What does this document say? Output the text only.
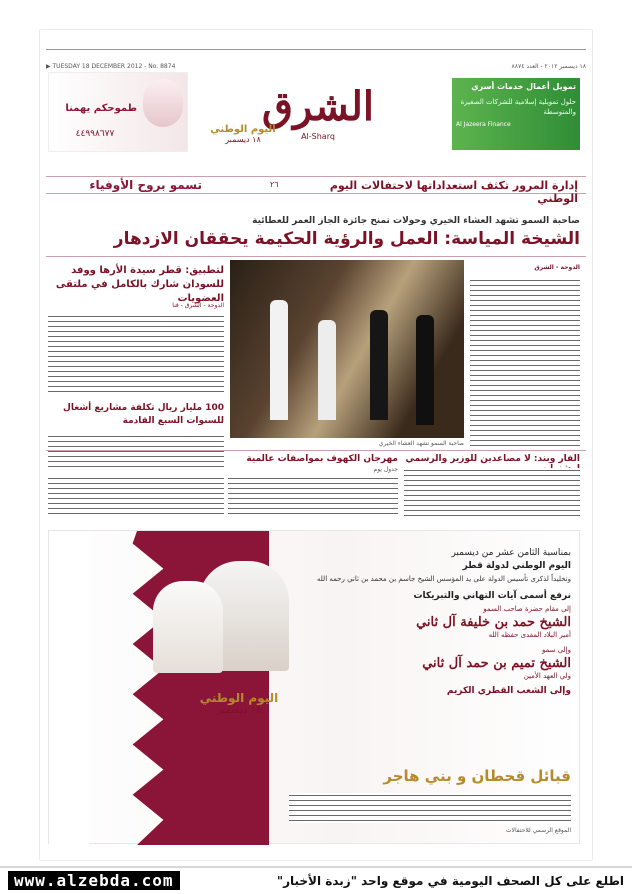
▶ TUESDAY 18 DECEMBER 2012 - No. 8874	١٨ ديسمبر ٢٠١٢ - العدد ٨٨٧٤
الشرق
Al-Sharq
اليوم الوطني
١٨ ديسمبر
طموحكم يهمنا
٤٤٩٩٨٦٧٧
تمويل أعمال خدمات أسري
حلول تمويلية إسلامية للشركات الصغيرة والمتوسطة
Al Jazeera Finance
تسمو بروح الأوفياء	إدارة المرور تكثف استعداداتها لاحتفالات اليوم الوطني
٢٦
صاحبة السمو تشهد العشاء الخيري وحولات تمنح جائزة الجاز العمر للعطائية
الشيخة المياسة: العمل والرؤية الحكيمة يحققان الازدهار
الدوحة - الشرق
صاحبة السمو تشهد العشاء الخيري
لتطبيق: قطر سيدة الأرها ووفد للسودان شارك بالكامل في ملتقى العضويات
الدوحة - الشرق - قنا
100 مليار ريال تكلفة مشاريع أشغال للسنوات السبع القادمة
الفار وبند: لا مصاعدين للوزير والرسمي
مهرجان الكهوف بمواصفات عالمية
جدول يوم
اليوم الوطني
١٨ ديسمبر
بمناسبة الثامن عشر من ديسمبر
اليوم الوطني لدولة قطر
وتخليداً لذكرى تأسيس الدولة على يد المؤسس الشيخ جاسم بن محمد بن ثاني رحمه الله
نرفع أسمى آيات التهاني والتبريكات
إلى مقام حضرة صاحب السمو
الشيخ حمد بن خليفة آل ثاني
أمير البلاد المفدى حفظه الله
وإلى سمو
الشيخ تميم بن حمد آل ثاني
ولي العهد الأمين
وإلى الشعب القطري الكريم
قبائل قحطان و بني هاجر
الموقع الرسمي للاحتفالات
www.alzebda.com	اطلع على كل الصحف اليومية في موقع واحد "زبدة الأخبار"
